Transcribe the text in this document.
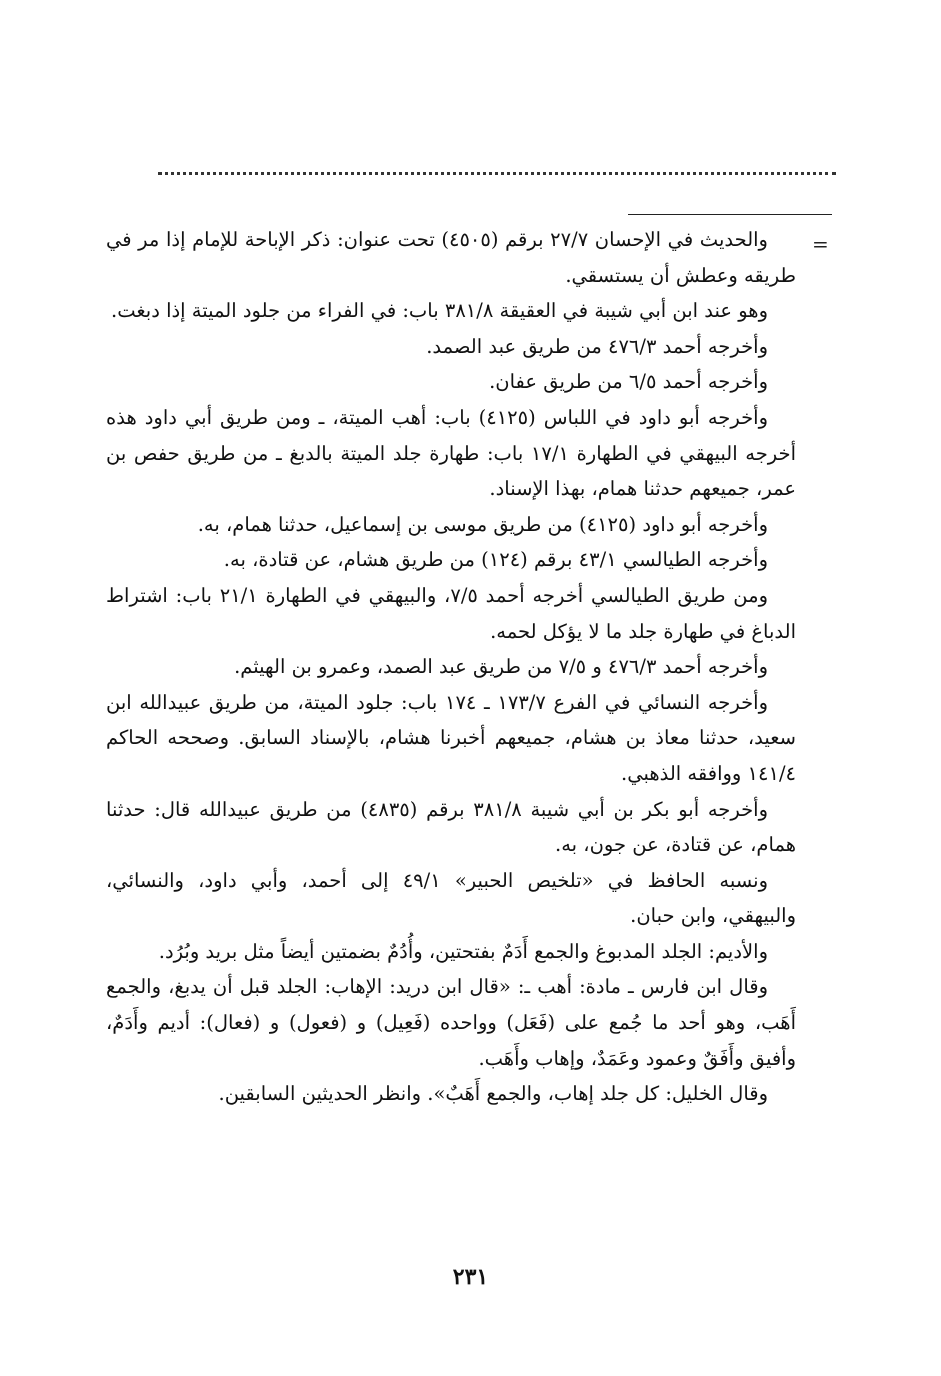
=

والحديث في الإحسان ٢٧/٧ برقم (٤٥٠٥) تحت عنوان: ذكر الإباحة للإمام إذا مر في طريقه وعطش أن يستسقي.

وهو عند ابن أبي شيبة في العقيقة ٣٨١/٨ باب: في الفراء من جلود الميتة إذا دبغت.

وأخرجه أحمد ٤٧٦/٣ من طريق عبد الصمد.

وأخرجه أحمد ٦/٥ من طريق عفان.

وأخرجه أبو داود في اللباس (٤١٢٥) باب: أهب الميتة، ـ ومن طريق أبي داود هذه أخرجه البيهقي في الطهارة ١٧/١ باب: طهارة جلد الميتة بالدبغ ـ من طريق حفص بن عمر، جميعهم حدثنا همام، بهذا الإسناد.

وأخرجه أبو داود (٤١٢٥) من طريق موسى بن إسماعيل، حدثنا همام، به.

وأخرجه الطيالسي ٤٣/١ برقم (١٢٤) من طريق هشام، عن قتادة، به.

ومن طريق الطيالسي أخرجه أحمد ٧/٥، والبيهقي في الطهارة ٢١/١ باب: اشتراط الدباغ في طهارة جلد ما لا يؤكل لحمه.

وأخرجه أحمد ٤٧٦/٣ و ٧/٥ من طريق عبد الصمد، وعمرو بن الهيثم.

وأخرجه النسائي في الفرع ١٧٣/٧ ـ ١٧٤ باب: جلود الميتة، من طريق عبيدالله ابن سعيد، حدثنا معاذ بن هشام، جميعهم أخبرنا هشام، بالإسناد السابق. وصححه الحاكم ١٤١/٤ ووافقه الذهبي.

وأخرجه أبو بكر بن أبي شيبة ٣٨١/٨ برقم (٤٨٣٥) من طريق عبيدالله قال: حدثنا همام، عن قتادة، عن جون، به.

ونسبه الحافظ في «تلخيص الحبير» ٤٩/١ إلى أحمد، وأبي داود، والنسائي، والبيهقي، وابن حبان.

والأديم: الجلد المدبوغ والجمع أَدَمٌ بفتحتين، وأُدُمٌ بضمتين أيضاً مثل بريد وبُرُد.

وقال ابن فارس ـ مادة: أهب ـ: «قال ابن دريد: الإهاب: الجلد قبل أن يدبغ، والجمع أَهَب، وهو أحد ما جُمع على (فَعَل) وواحده (فَعِيل) و (فعول) و (فعال): أديم وأَدَمٌ، وأفيق وأَفَقٌ وعمود وعَمَدٌ، وإهاب وأَهَب.

وقال الخليل: كل جلد إهاب، والجمع أَهَبٌ». وانظر الحديثين السابقين.

٢٣١
